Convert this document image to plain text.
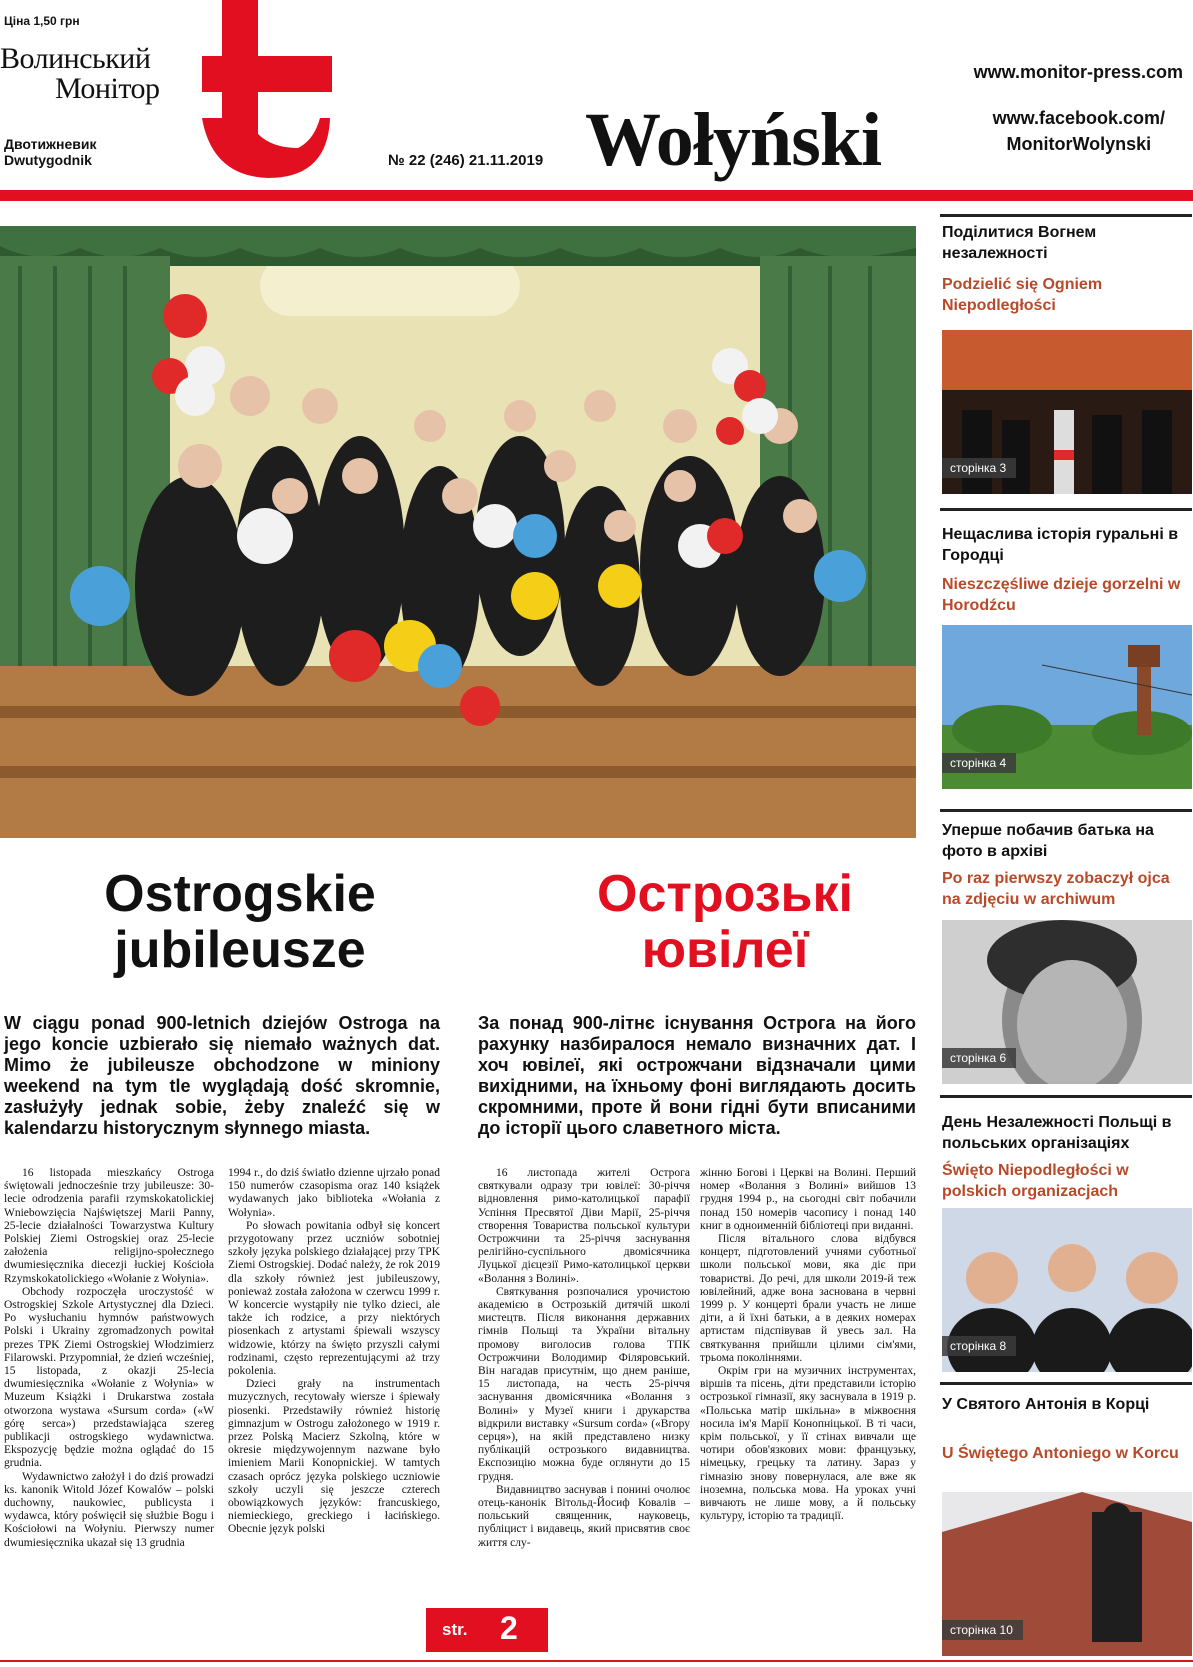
Ціна 1,50 грн
Волинський
Монітор
Двотижневик
Dwutygodnik	№ 22 (246) 21.11.2019 Wołyński
www.monitor-press.com
www.facebook.com/
MonitorWolynski
Ostrogskie
jubileusze
Острозькі
ювілеї
W ciągu ponad 900-letnich dziejów Ostroga na jego koncie uzbierało się niemało ważnych dat. Mimo że jubileusze obchodzone w miniony weekend na tym tle wyglądają dość skromnie, zasłużyły jednak sobie, żeby znaleźć się w kalendarzu historycznym słynnego miasta.
За понад 900-літнє існування Острога на його рахунку назбиралося немало визначних дат. І хоч ювілеї, які острожчани відзначали цими вихідними, на їхньому фоні виглядають досить скромними, проте й вони гідні бути вписаними до історії цього славетного міста.

16 listopada mieszkańcy Ostroga świętowali jednocześnie trzy jubileusze: 30-lecie odrodzenia parafii rzymskokatolickiej Wniebowzięcia Najświętszej Marii Panny, 25-lecie działalności Towarzystwa Kultury Polskiej Ziemi Ostrogskiej oraz 25-lecie założenia religijno-społecznego dwumiesięcznika diecezji łuckiej Kościoła Rzymskokatolickiego «Wołanie z Wołynia».

Obchody rozpoczęła uroczystość w Ostrogskiej Szkole Artystycznej dla Dzieci. Po wysłuchaniu hymnów państwowych Polski i Ukrainy zgromadzonych powitał prezes TPK Ziemi Ostrogskiej Włodzimierz Filarowski. Przypomniał, że dzień wcześniej, 15 listopada, z okazji 25-lecia dwumiesięcznika «Wołanie z Wołynia» w Muzeum Książki i Drukarstwa została otworzona wystawa «Sursum corda» («W górę serca») przedstawiająca szereg publikacji ostrogskiego wydawnictwa. Ekspozycję będzie można oglądać do 15 grudnia.

Wydawnictwo założył i do dziś prowadzi ks. kanonik Witold Józef Kowalów – polski duchowny, naukowiec, publicysta i wydawca, który poświęcił się służbie Bogu i Kościołowi na Wołyniu. Pierwszy numer dwumiesięcznika ukazał się 13 grudnia

1994 r., do dziś światło dzienne ujrzało ponad 150 numerów czasopisma oraz 140 książek wydawanych jako biblioteka «Wołania z Wołynia».

Po słowach powitania odbył się koncert przygotowany przez uczniów sobotniej szkoły języka polskiego działającej przy TPK Ziemi Ostrogskiej. Dodać należy, że rok 2019 dla szkoły również jest jubileuszowy, ponieważ została założona w czerwcu 1999 r. W koncercie wystąpiły nie tylko dzieci, ale także ich rodzice, a przy niektórych piosenkach z artystami śpiewali wszyscy widzowie, którzy na święto przyszli całymi rodzinami, często reprezentującymi aż trzy pokolenia.

Dzieci grały na instrumentach muzycznych, recytowały wiersze i śpiewały piosenki. Przedstawiły również historię gimnazjum w Ostrogu założonego w 1919 r. przez Polską Macierz Szkolną, które w okresie międzywojennym nazwane było imieniem Marii Konopnickiej. W tamtych czasach oprócz języka polskiego uczniowie szkoły uczyli się jeszcze czterech obowiązkowych języków: francuskiego, niemieckiego, greckiego i łacińskiego. Obecnie język polski

16 листопада жителі Острога святкували одразу три ювілеї: 30-річчя відновлення римо-католицької парафії Успіння Пресвятої Діви Марії, 25-річчя створення Товариства польської культури Острожчини та 25-річчя заснування релігійно-суспільного двомісячника Луцької дієцезії Римо-католицької церкви «Волання з Волині».

Святкування розпочалися урочистою академією в Острозькій дитячій школі мистецтв. Після виконання державних гімнів Польщі та України вітальну промову виголосив голова ТПК Острожчини Володимир Філяровський. Він нагадав присутнім, що днем раніше, 15 листопада, на честь 25-річчя заснування двомісячника «Волання з Волині» у Музеї книги і друкарства відкрили виставку «Sursum corda» («Вгору серця»), на якій представлено низку публікацій острозького видавництва. Експозицію можна буде оглянути до 15 грудня.

Видавництво заснував і понині очолює отець-канонік Вітольд-Йосиф Ковалів – польський священник, науковець, публіцист і видавець, який присвятив своє життя слу-

жінню Богові і Церкві на Волині. Перший номер «Волання з Волині» вийшов 13 грудня 1994 р., на сьогодні світ побачили понад 150 номерів часопису і понад 140 книг в одноименній бібліотеці при виданні.

Після вітального слова відбувся концерт, підготовлений учнями суботньої школи польської мови, яка діє при товаристві. До речі, для школи 2019-й теж ювілейний, адже вона заснована в червні 1999 р. У концерті брали участь не лише діти, а й їхні батьки, а в деяких номерах артистам підспівував й увесь зал. На святкування прийшли цілими сім'ями, трьома поколіннями.

Окрім гри на музичних інструментах, віршів та пісень, діти представили історію острозької гімназії, яку заснувала в 1919 р. «Польська матір шкільна» в міжвоєння носила ім'я Марії Конопніцької. В ті часи, крім польської, у її стінах вивчали ще чотири обов'язкових мови: французьку, німецьку, грецьку та латину. Зараз у гімназію знову повернулася, але вже як іноземна, польська мова. На уроках учні вивчають не лише мову, а й польську культуру, історію та традиції.

str. 2
Поділитися Вогнем незалежності
Podzielić się Ogniem Niepodległości
сторінка 3
Нещаслива історія гуральні в Городці
Nieszczęśliwe dzieje gorzelni w Horodźcu
сторінка 4
Уперше побачив батька на фото в архіві
Po raz pierwszy zobaczył ojca na zdjęciu w archiwum
сторінка 6
День Незалежності Польщі в польських організаціях
Święto Niepodległości w polskich organizacjach
сторінка 8
У Святого Антонія в Корці
U Świętego Antoniego w Korcu
сторінка 10
